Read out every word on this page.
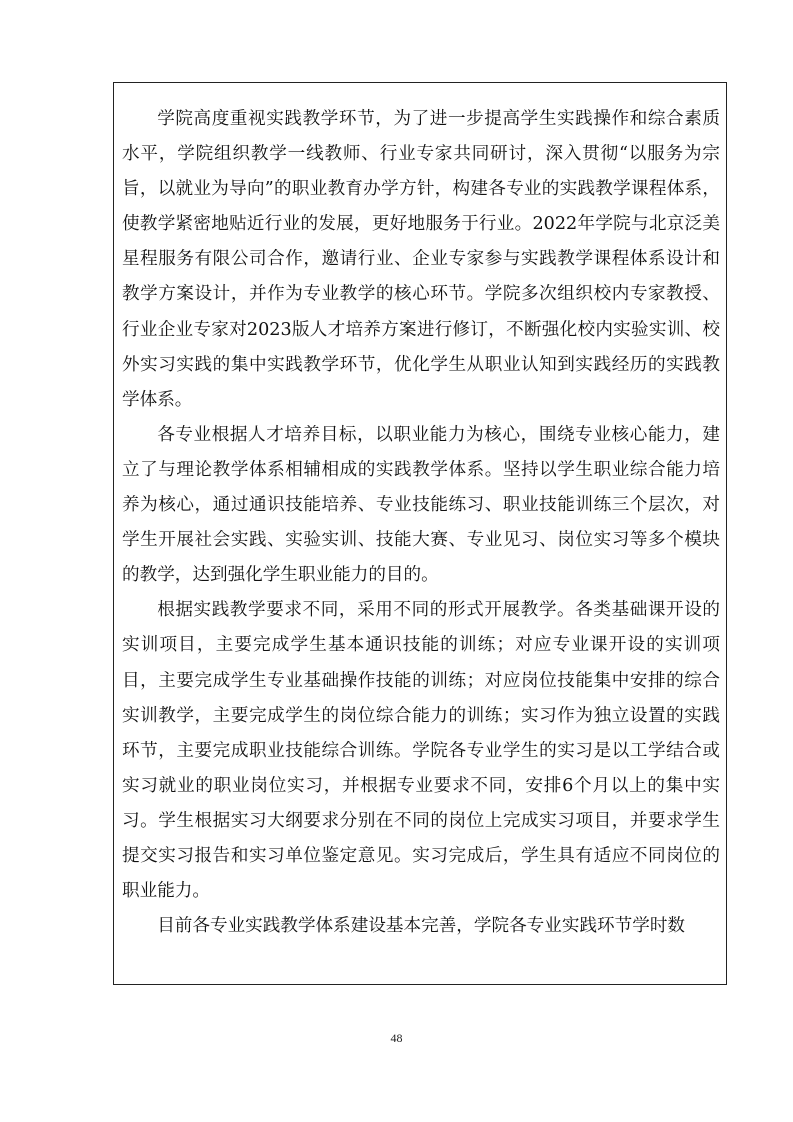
学院高度重视实践教学环节，为了进一步提高学生实践操作和综合素质水平，学院组织教学一线教师、行业专家共同研讨，深入贯彻“以服务为宗旨，以就业为导向”的职业教育办学方针，构建各专业的实践教学课程体系，使教学紧密地贴近行业的发展，更好地服务于行业。2022年学院与北京泛美星程服务有限公司合作，邀请行业、企业专家参与实践教学课程体系设计和教学方案设计，并作为专业教学的核心环节。学院多次组织校内专家教授、行业企业专家对2023版人才培养方案进行修订，不断强化校内实验实训、校外实习实践的集中实践教学环节，优化学生从职业认知到实践经历的实践教学体系。

各专业根据人才培养目标，以职业能力为核心，围绕专业核心能力，建立了与理论教学体系相辅相成的实践教学体系。坚持以学生职业综合能力培养为核心，通过通识技能培养、专业技能练习、职业技能训练三个层次，对学生开展社会实践、实验实训、技能大赛、专业见习、岗位实习等多个模块的教学，达到强化学生职业能力的目的。

根据实践教学要求不同，采用不同的形式开展教学。各类基础课开设的实训项目，主要完成学生基本通识技能的训练；对应专业课开设的实训项目，主要完成学生专业基础操作技能的训练；对应岗位技能集中安排的综合实训教学，主要完成学生的岗位综合能力的训练；实习作为独立设置的实践环节，主要完成职业技能综合训练。学院各专业学生的实习是以工学结合或实习就业的职业岗位实习，并根据专业要求不同，安排6个月以上的集中实习。学生根据实习大纲要求分别在不同的岗位上完成实习项目，并要求学生提交实习报告和实习单位鉴定意见。实习完成后，学生具有适应不同岗位的职业能力。

目前各专业实践教学体系建设基本完善，学院各专业实践环节学时数

48
